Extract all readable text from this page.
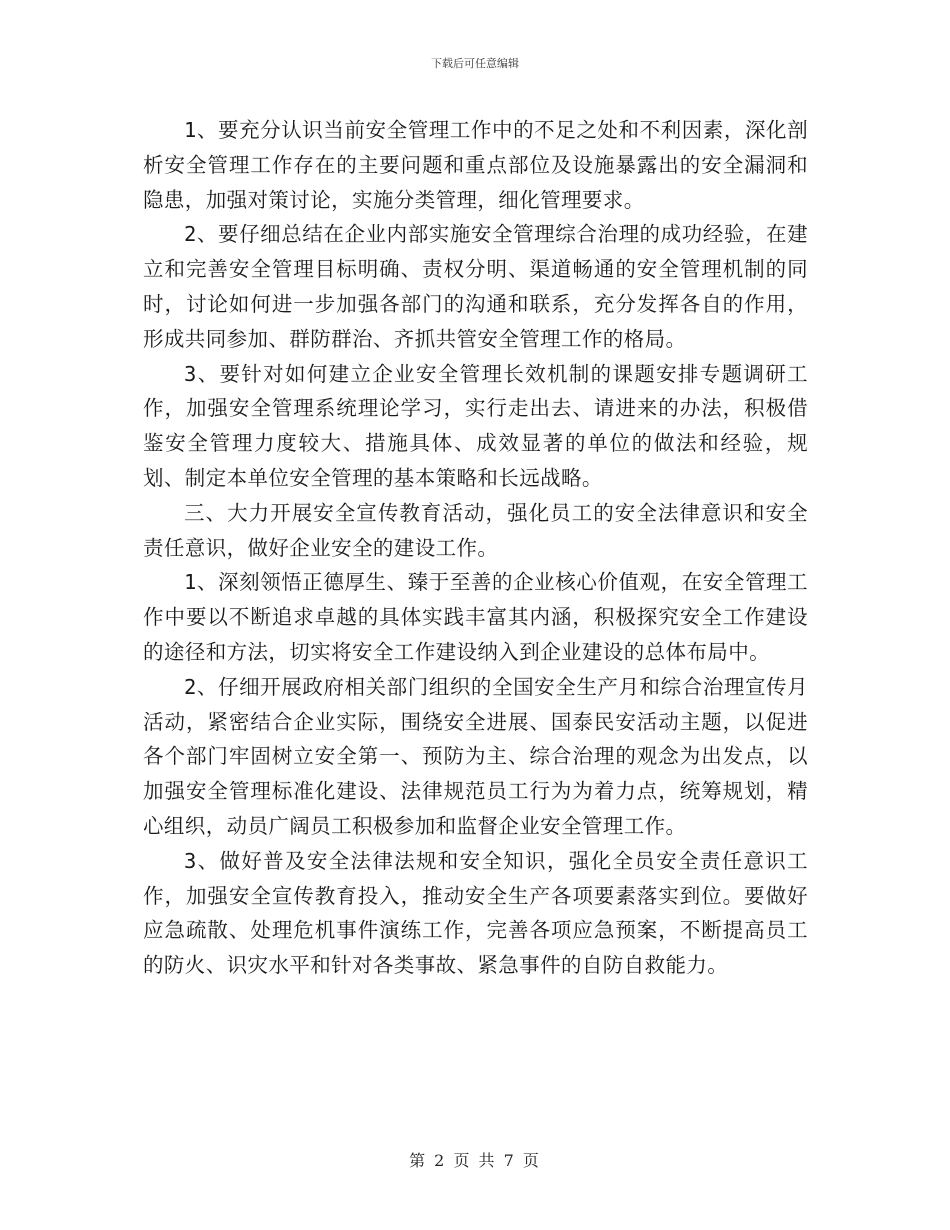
下载后可任意编辑

1、要充分认识当前安全管理工作中的不足之处和不利因素，深化剖析安全管理工作存在的主要问题和重点部位及设施暴露出的安全漏洞和隐患，加强对策讨论，实施分类管理，细化管理要求。

2、要仔细总结在企业内部实施安全管理综合治理的成功经验，在建立和完善安全管理目标明确、责权分明、渠道畅通的安全管理机制的同时，讨论如何进一步加强各部门的沟通和联系，充分发挥各自的作用，形成共同参加、群防群治、齐抓共管安全管理工作的格局。

3、要针对如何建立企业安全管理长效机制的课题安排专题调研工作，加强安全管理系统理论学习，实行走出去、请进来的办法，积极借鉴安全管理力度较大、措施具体、成效显著的单位的做法和经验，规划、制定本单位安全管理的基本策略和长远战略。

三、大力开展安全宣传教育活动，强化员工的安全法律意识和安全责任意识，做好企业安全的建设工作。

1、深刻领悟正德厚生、臻于至善的企业核心价值观，在安全管理工作中要以不断追求卓越的具体实践丰富其内涵，积极探究安全工作建设的途径和方法，切实将安全工作建设纳入到企业建设的总体布局中。

2、仔细开展政府相关部门组织的全国安全生产月和综合治理宣传月活动，紧密结合企业实际，围绕安全进展、国泰民安活动主题，以促进各个部门牢固树立安全第一、预防为主、综合治理的观念为出发点，以加强安全管理标准化建设、法律规范员工行为为着力点，统筹规划，精心组织，动员广阔员工积极参加和监督企业安全管理工作。

3、做好普及安全法律法规和安全知识，强化全员安全责任意识工作，加强安全宣传教育投入，推动安全生产各项要素落实到位。要做好应急疏散、处理危机事件演练工作，完善各项应急预案，不断提高员工的防火、识灾水平和针对各类事故、紧急事件的自防自救能力。

第 2 页 共 7 页
